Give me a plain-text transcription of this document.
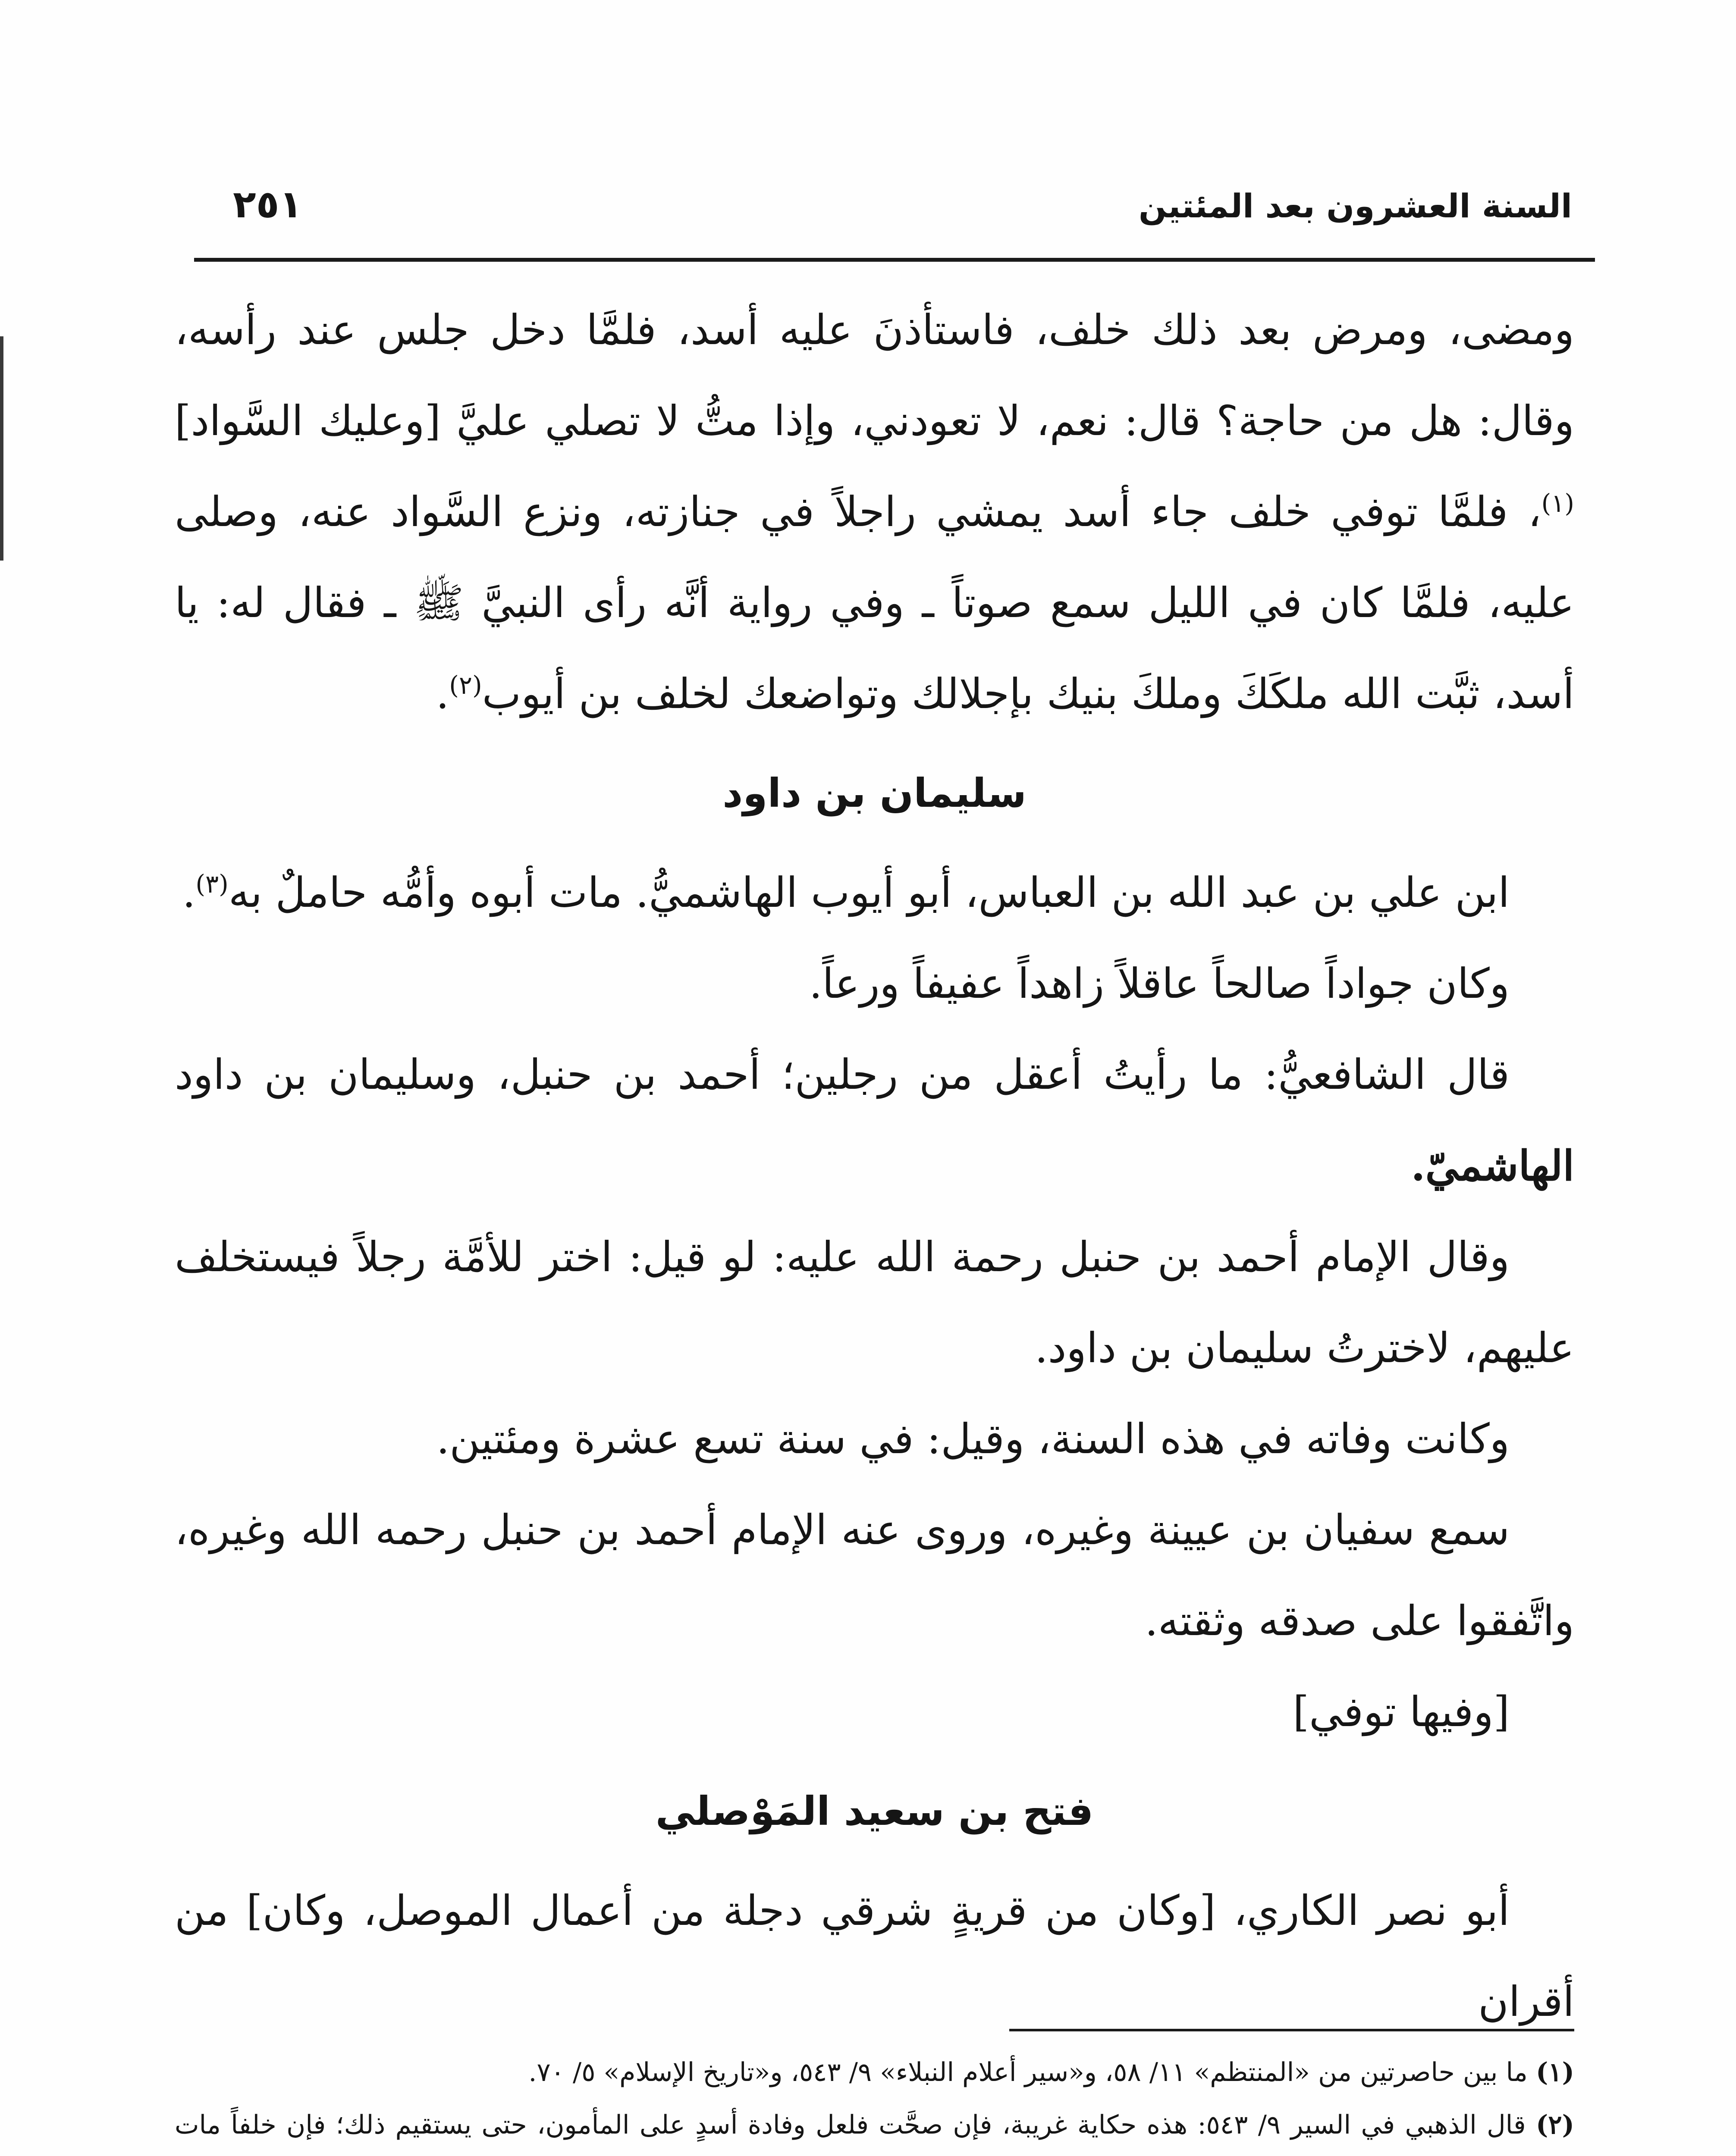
السنة العشرون بعد المئتين
٢٥١

ومضى، ومرض بعد ذلك خلف، فاستأذنَ عليه أسد، فلمَّا دخل جلس عند رأسه، وقال: هل من حاجة؟ قال: نعم، لا تعودني، وإذا متُّ لا تصلي عليَّ [وعليك السَّواد]$^{(١)}$، فلمَّا توفي خلف جاء أسد يمشي راجلاً في جنازته، ونزع السَّواد عنه، وصلى عليه، فلمَّا كان في الليل سمع صوتاً ـ وفي رواية أنَّه رأى النبيَّ ﷺ ـ فقال له: يا أسد، ثبَّت الله ملكَكَ وملكَ بنيك بإجلالك وتواضعك لخلف بن أيوب$^{(٢)}$.

سليمان بن داود

ابن علي بن عبد الله بن العباس، أبو أيوب الهاشميُّ. مات أبوه وأمُّه حاملٌ به$^{(٣)}$.

وكان جواداً صالحاً عاقلاً زاهداً عفيفاً ورعاً.

قال الشافعيُّ: ما رأيتُ أعقل من رجلين؛ أحمد بن حنبل، وسليمان بن داود الهاشميّ.

وقال الإمام أحمد بن حنبل رحمة الله عليه: لو قيل: اختر للأمَّة رجلاً فيستخلف عليهم، لاخترتُ سليمان بن داود.

وكانت وفاته في هذه السنة، وقيل: في سنة تسع عشرة ومئتين.

سمع سفيان بن عيينة وغيره، وروى عنه الإمام أحمد بن حنبل رحمه الله وغيره، واتَّفقوا على صدقه وثقته.

[وفيها توفي]

فتح بن سعيد المَوْصلي

أبو نصر الكاري، [وكان من قريةٍ شرقي دجلة من أعمال الموصل، وكان] من أقران

(١) ما بين حاصرتين من «المنتظم» ١١/ ٥٨، و«سير أعلام النبلاء» ٩/ ٥٤٣، و«تاريخ الإسلام» ٥/ ٧٠.

(٢) قال الذهبي في السير ٩/ ٥٤٣: هذه حكاية غريبة، فإن صحَّت فلعل وفادة أسدٍ على المأمون، حتى يستقيم ذلك؛ فإن خلفاً مات
